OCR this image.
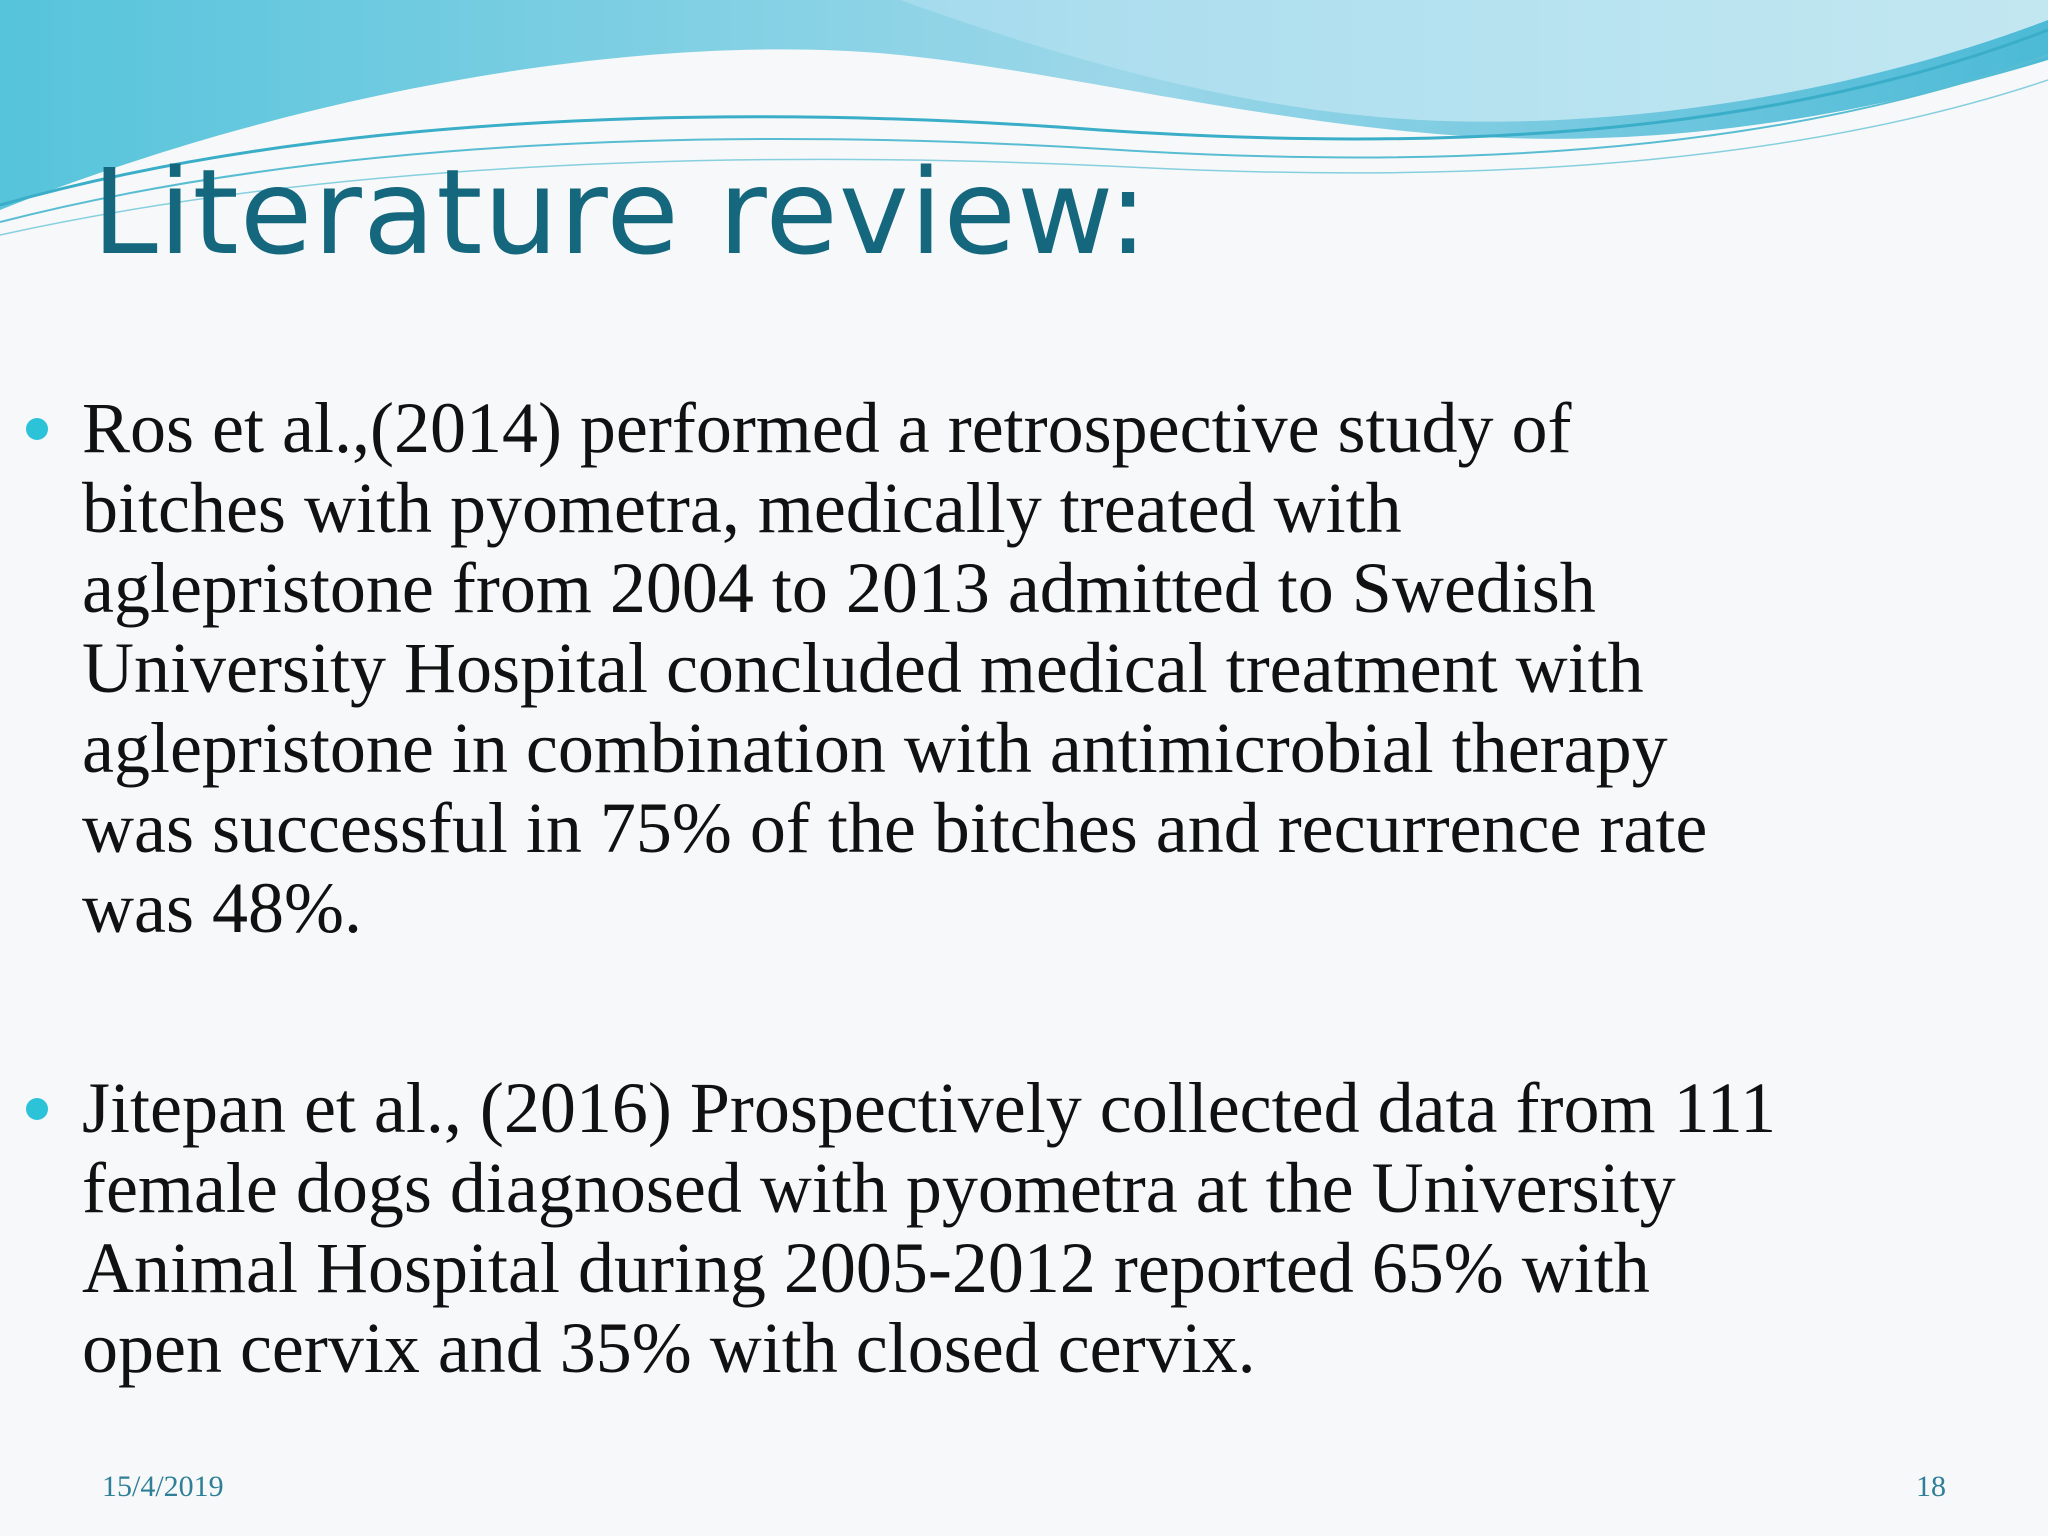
Literature review:
Ros et al.,(2014) performed a retrospective study of
bitches with pyometra, medically treated with
aglepristone from 2004 to 2013 admitted to Swedish
University Hospital concluded medical treatment with
aglepristone in combination with antimicrobial therapy
was successful in 75% of the bitches and recurrence rate
was 48%.
Jitepan et al., (2016) Prospectively collected data from 111
female dogs diagnosed with pyometra at the University
Animal Hospital during 2005-2012 reported 65% with
open cervix and 35% with closed cervix.
15/4/2019	18
